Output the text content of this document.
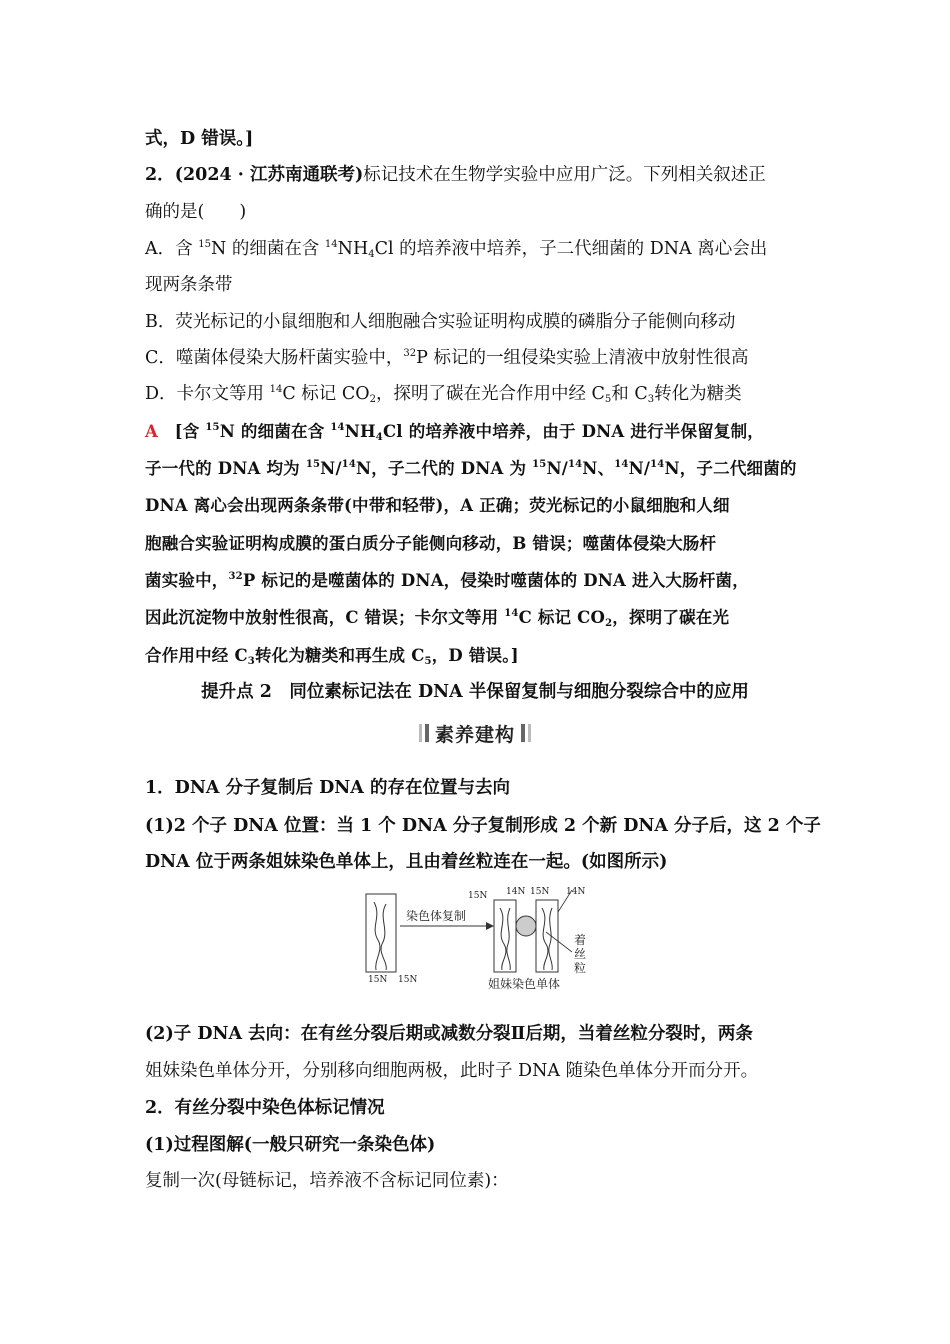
式，D 错误。]
2．(2024 · 江苏南通联考)标记技术在生物学实验中应用广泛。下列相关叙述正
确的是(　　)
A．含 $^{15}$N 的细菌在含 $^{14}NH_4Cl$ 的培养液中培养，子二代细菌的 DNA 离心会出
现两条条带
B．荧光标记的小鼠细胞和人细胞融合实验证明构成膜的磷脂分子能侧向移动
C．噬菌体侵染大肠杆菌实验中，$^{32}$P 标记的一组侵染实验上清液中放射性很高
D．卡尔文等用 $^{14}$C 标记 $CO_2$，探明了碳在光合作用中经 $C_5$和 $C_3$转化为糖类
A　[含 $^{15}$N 的细菌在含 $^{14}NH_4Cl$ 的培养液中培养，由于 DNA 进行半保留复制，
子一代的 DNA 均为 $^{15}$N/$^{14}$N，子二代的 DNA 为 $^{15}$N/$^{14}$N、$^{14}$N/$^{14}$N，子二代细菌的
DNA 离心会出现两条条带(中带和轻带)，A 正确；荧光标记的小鼠细胞和人细
胞融合实验证明构成膜的蛋白质分子能侧向移动，B 错误；噬菌体侵染大肠杆
菌实验中，$^{32}$P 标记的是噬菌体的 DNA，侵染时噬菌体的 DNA 进入大肠杆菌，
因此沉淀物中放射性很高，C 错误；卡尔文等用 $^{14}$C 标记 $CO_2$，探明了碳在光
合作用中经 $C_3$转化为糖类和再生成 $C_5$，D 错误。]
提升点 2　同位素标记法在 DNA 半保留复制与细胞分裂综合中的应用
素养建构
1．DNA 分子复制后 DNA 的存在位置与去向
(1)2 个子 DNA 位置：当 1 个 DNA 分子复制形成 2 个新 DNA 分子后，这 2 个子
DNA 位于两条姐妹染色单体上，且由着丝粒连在一起。(如图所示)
15N 15N
染色体复制
15N 14N 15N 14N
着
丝
粒
姐妹染色单体
(2)子 DNA 去向：在有丝分裂后期或减数分裂Ⅱ后期，当着丝粒分裂时，两条
姐妹染色单体分开，分别移向细胞两极，此时子 DNA 随染色单体分开而分开。
2．有丝分裂中染色体标记情况
(1)过程图解(一般只研究一条染色体)
复制一次(母链标记，培养液不含标记同位素)：
